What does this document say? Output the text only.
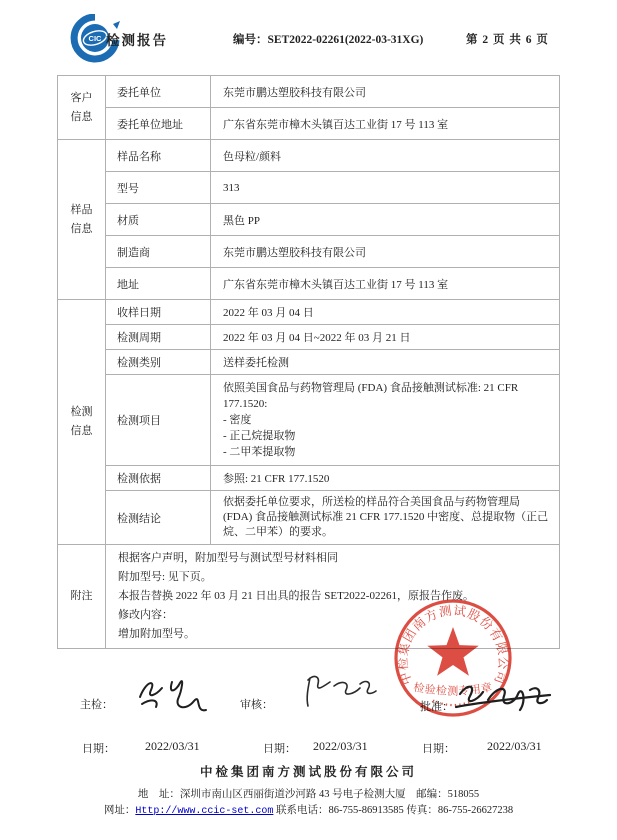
CIC 检测报告	编号：SET2022-02261(2022-03-31XG)	第 2 页 共 6 页
客户
信息	委托单位	东莞市鹏达塑胶科技有限公司
	委托单位地址	广东省东莞市樟木头镇百达工业街 17 号 113 室
样品
信息	样品名称	色母粒/颜料
	型号	313
	材质	黑色 PP
	制造商	东莞市鹏达塑胶科技有限公司
	地址	广东省东莞市樟木头镇百达工业街 17 号 113 室
检测
信息	收样日期	2022 年 03 月 04 日
	检测周期	2022 年 03 月 04 日~2022 年 03 月 21 日
	检测类别	送样委托检测
	检测项目	依照美国食品与药物管理局 (FDA) 食品接触测试标准: 21 CFR
177.1520:
- 密度
- 正己烷提取物
- 二甲苯提取物

	检测依据	参照: 21 CFR 177.1520
	检测结论	依据委托单位要求，所送检的样品符合美国食品与药物管理局 (FDA) 食品接触测试标准 21 CFR 177.1520 中密度、总提取物（正己烷、二甲苯）的要求。
附注	
根据客户声明，附加型号与测试型号材料相同
附加型号: 见下页。
本报告替换 2022 年 03 月 21 日出具的报告 SET2022-02261，原报告作废。
修改内容：
增加附加型号。
中检集团南方测试股份有限公司
检验检测专用章
主检：	审核：	批准：
日期：	2022/03/31	日期： 2022/03/31	日期：	2022/03/31
中检集团南方测试股份有限公司
地　址：深圳市南山区西丽街道沙河路 43 号电子检测大厦　邮编：518055
网址：Http://www.ccic-set.com 联系电话：86-755-86913585 传真：86-755-26627238
